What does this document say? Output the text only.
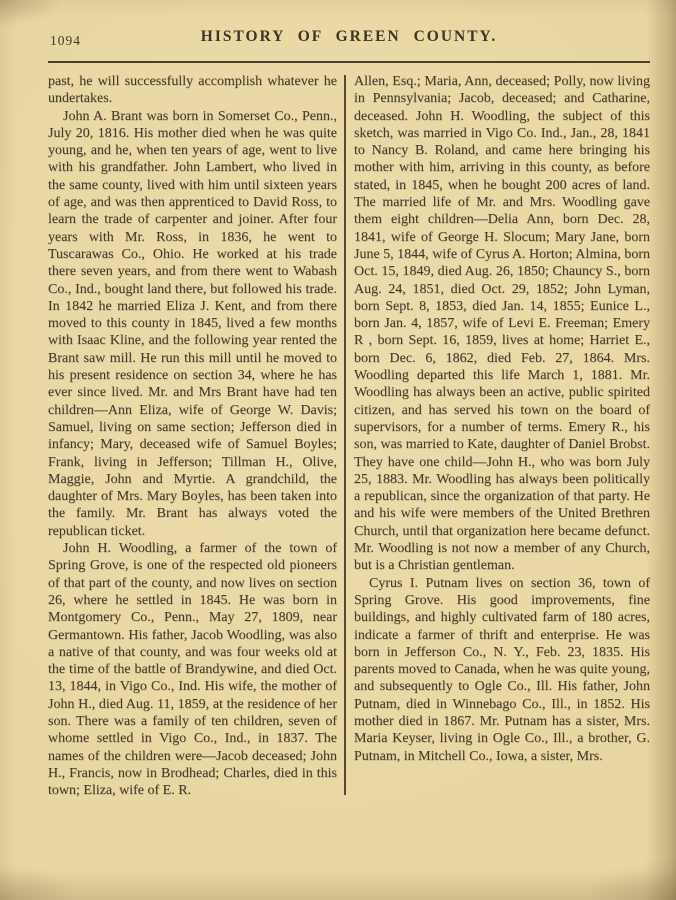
1094	HISTORY OF GREEN COUNTY.

past, he will successfully accomplish whatever he undertakes.

John A. Brant was born in Somerset Co., Penn., July 20, 1816. His mother died when he was quite young, and he, when ten years of age, went to live with his grandfather. John Lambert, who lived in the same county, lived with him until sixteen years of age, and was then apprenticed to David Ross, to learn the trade of carpenter and joiner. After four years with Mr. Ross, in 1836, he went to Tuscarawas Co., Ohio. He worked at his trade there seven years, and from there went to Wabash Co., Ind., bought land there, but followed his trade. In 1842 he married Eliza J. Kent, and from there moved to this county in 1845, lived a few months with Isaac Kline, and the following year rented the Brant saw mill. He run this mill until he moved to his present residence on section 34, where he has ever since lived. Mr. and Mrs Brant have had ten children—Ann Eliza, wife of George W. Davis; Samuel, living on same section; Jefferson died in infancy; Mary, deceased wife of Samuel Boyles; Frank, living in Jefferson; Tillman H., Olive, Maggie, John and Myrtie. A grandchild, the daughter of Mrs. Mary Boyles, has been taken into the family. Mr. Brant has always voted the republican ticket.

John H. Woodling, a farmer of the town of Spring Grove, is one of the respected old pioneers of that part of the county, and now lives on section 26, where he settled in 1845. He was born in Montgomery Co., Penn., May 27, 1809, near Germantown. His father, Jacob Woodling, was also a native of that county, and was four weeks old at the time of the battle of Brandywine, and died Oct. 13, 1844, in Vigo Co., Ind. His wife, the mother of John H., died Aug. 11, 1859, at the residence of her son. There was a family of ten children, seven of whome settled in Vigo Co., Ind., in 1837. The names of the children were—Jacob deceased; John H., Francis, now in Brodhead; Charles, died in this town; Eliza, wife of E. R.

Allen, Esq.; Maria, Ann, deceased; Polly, now living in Pennsylvania; Jacob, deceased; and Catharine, deceased. John H. Woodling, the subject of this sketch, was married in Vigo Co. Ind., Jan., 28, 1841 to Nancy B. Roland, and came here bringing his mother with him, arriving in this county, as before stated, in 1845, when he bought 200 acres of land. The married life of Mr. and Mrs. Woodling gave them eight children—Delia Ann, born Dec. 28, 1841, wife of George H. Slocum; Mary Jane, born June 5, 1844, wife of Cyrus A. Horton; Almina, born Oct. 15, 1849, died Aug. 26, 1850; Chauncy S., born Aug. 24, 1851, died Oct. 29, 1852; John Lyman, born Sept. 8, 1853, died Jan. 14, 1855; Eunice L., born Jan. 4, 1857, wife of Levi E. Freeman; Emery R , born Sept. 16, 1859, lives at home; Harriet E., born Dec. 6, 1862, died Feb. 27, 1864. Mrs. Woodling departed this life March 1, 1881. Mr. Woodling has always been an active, public spirited citizen, and has served his town on the board of supervisors, for a number of terms. Emery R., his son, was married to Kate, daughter of Daniel Brobst. They have one child—John H., who was born July 25, 1883. Mr. Woodling has always been politically a republican, since the organization of that party. He and his wife were members of the United Brethren Church, until that organization here became defunct. Mr. Woodling is not now a member of any Church, but is a Christian gentleman.

Cyrus I. Putnam lives on section 36, town of Spring Grove. His good improvements, fine buildings, and highly cultivated farm of 180 acres, indicate a farmer of thrift and enterprise. He was born in Jefferson Co., N. Y., Feb. 23, 1835. His parents moved to Canada, when he was quite young, and subsequently to Ogle Co., Ill. His father, John Putnam, died in Winnebago Co., Ill., in 1852. His mother died in 1867. Mr. Putnam has a sister, Mrs. Maria Keyser, living in Ogle Co., Ill., a brother, G. Putnam, in Mitchell Co., Iowa, a sister, Mrs.
